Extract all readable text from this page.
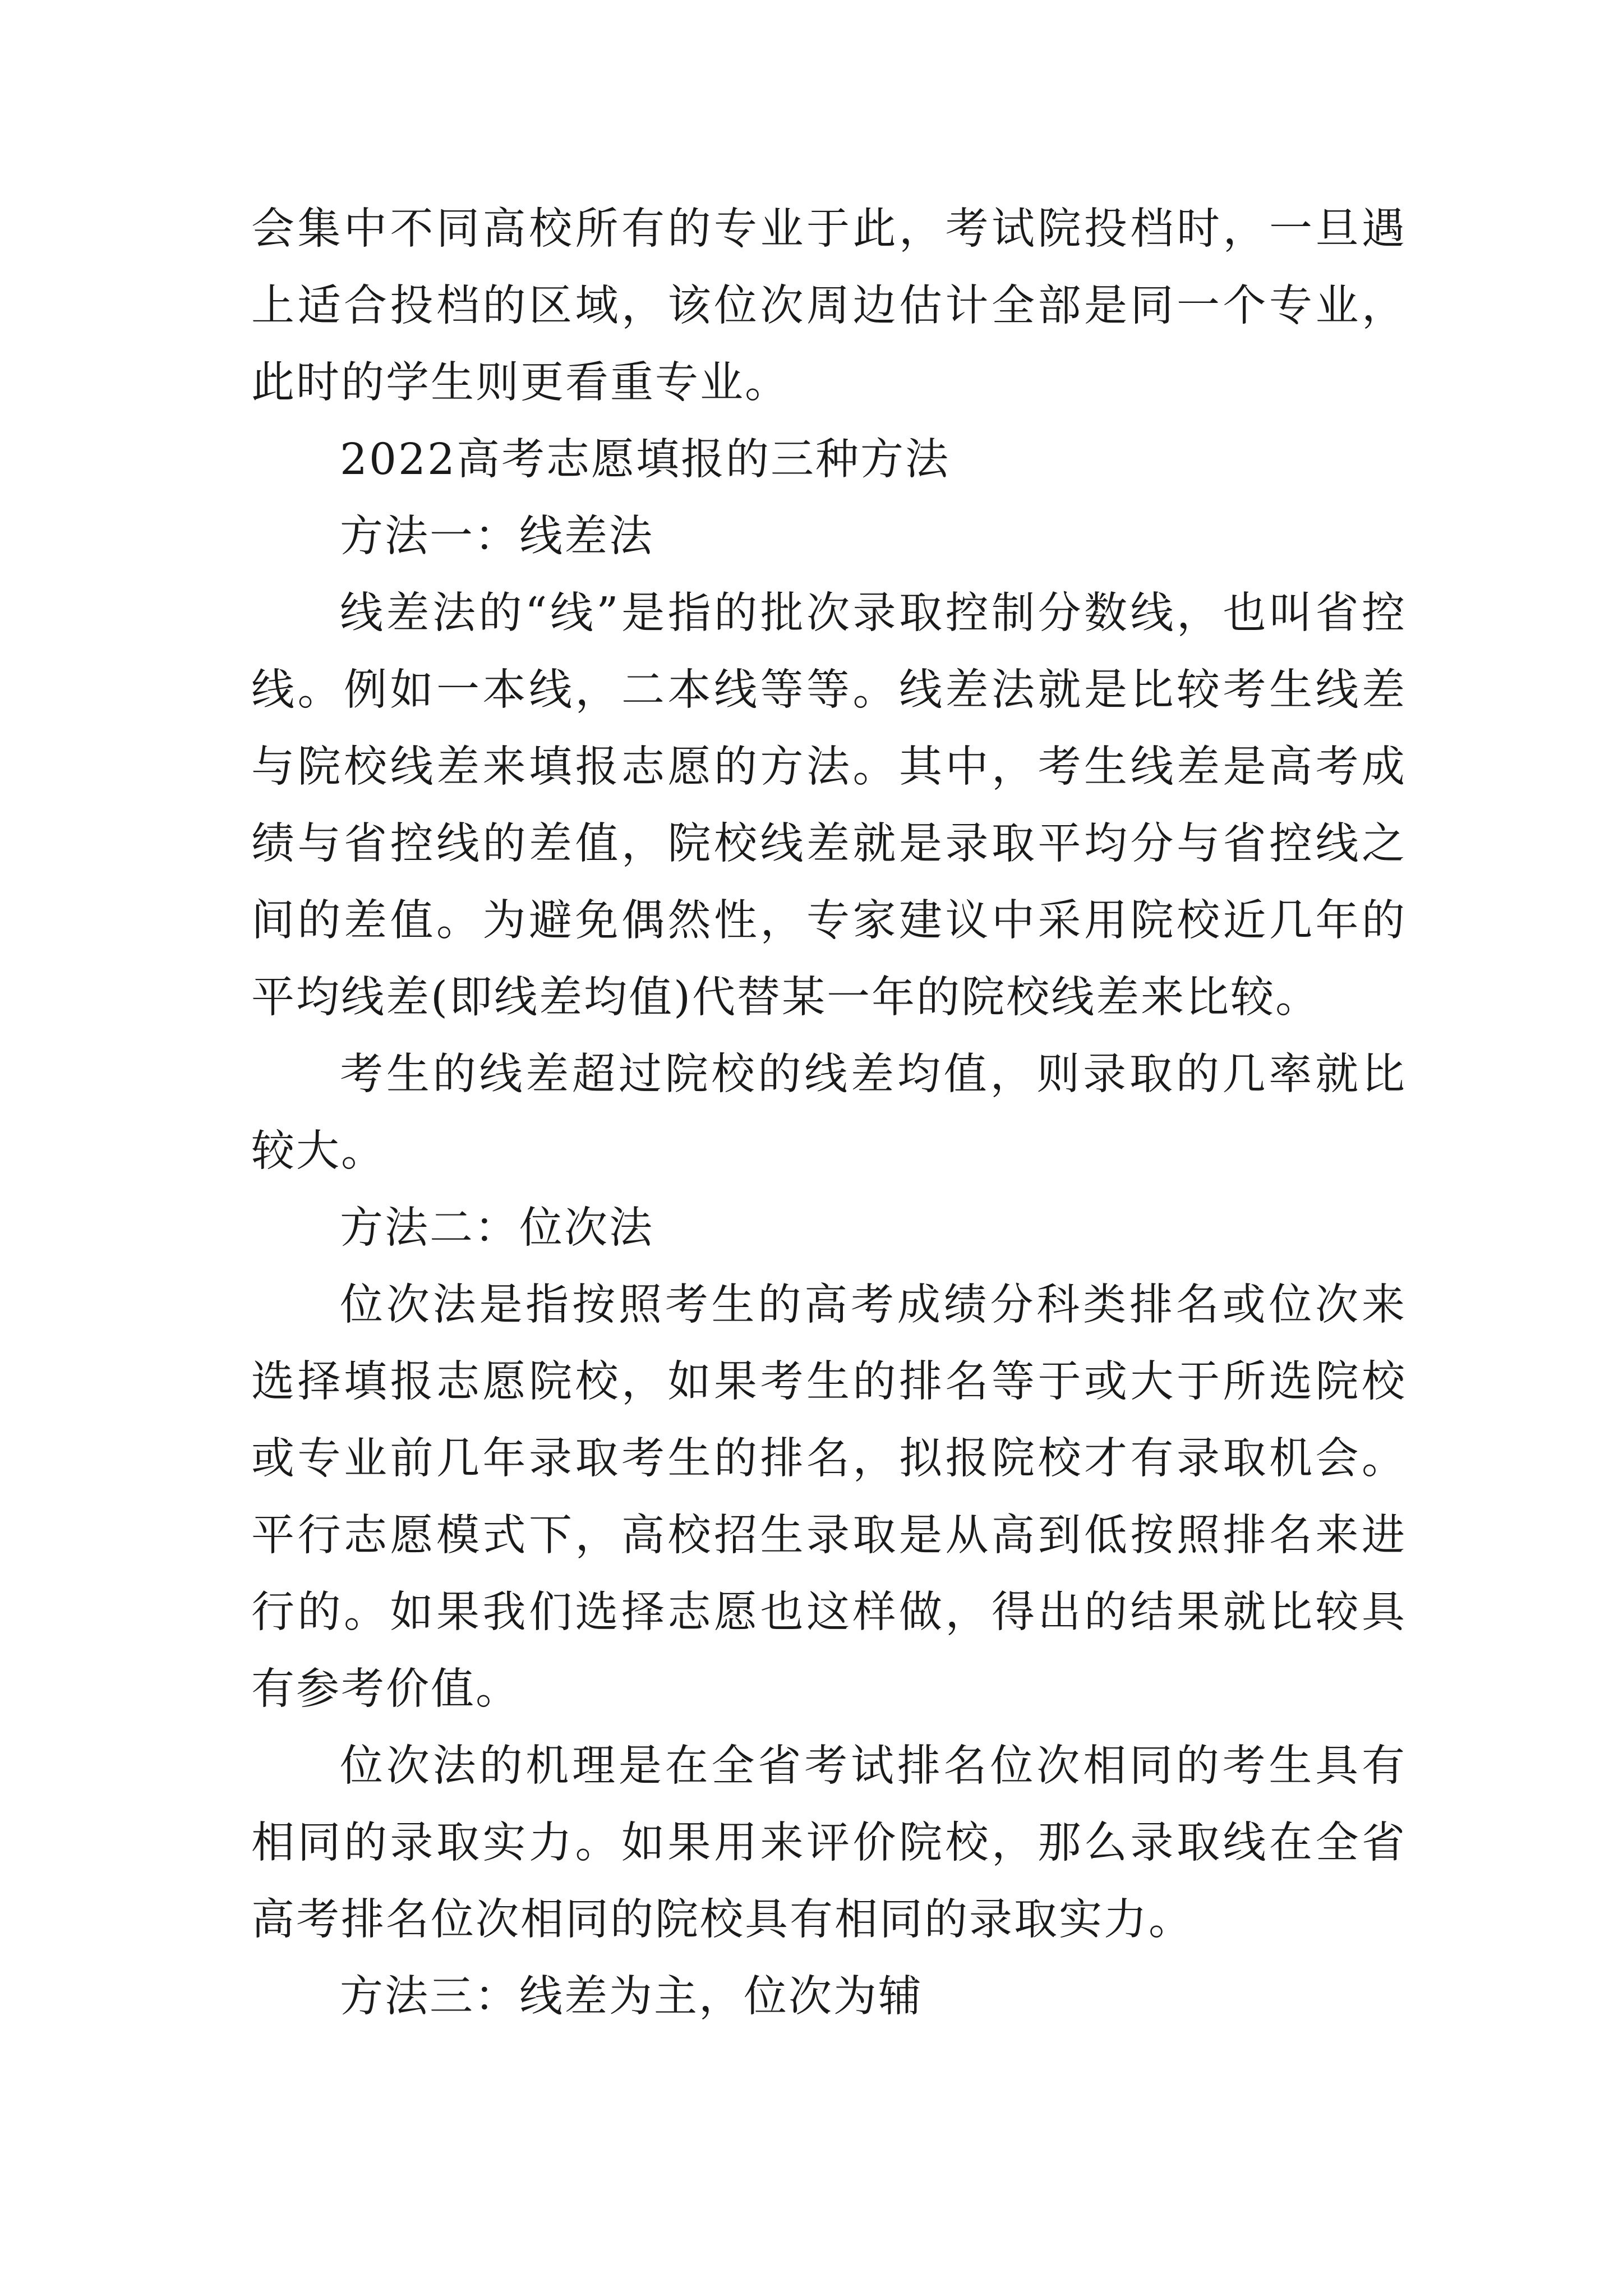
会集中不同高校所有的专业于此，考试院投档时，一旦遇上适合投档的区域，该位次周边估计全部是同一个专业，此时的学生则更看重专业。

2022高考志愿填报的三种方法

方法一：线差法

线差法的“线”是指的批次录取控制分数线，也叫省控线。例如一本线，二本线等等。线差法就是比较考生线差与院校线差来填报志愿的方法。其中，考生线差是高考成绩与省控线的差值，院校线差就是录取平均分与省控线之间的差值。为避免偶然性，专家建议中采用院校近几年的平均线差(即线差均值)代替某一年的院校线差来比较。

考生的线差超过院校的线差均值，则录取的几率就比较大。

方法二：位次法

位次法是指按照考生的高考成绩分科类排名或位次来选择填报志愿院校，如果考生的排名等于或大于所选院校或专业前几年录取考生的排名，拟报院校才有录取机会。平行志愿模式下，高校招生录取是从高到低按照排名来进行的。如果我们选择志愿也这样做，得出的结果就比较具有参考价值。

位次法的机理是在全省考试排名位次相同的考生具有相同的录取实力。如果用来评价院校，那么录取线在全省高考排名位次相同的院校具有相同的录取实力。

方法三：线差为主，位次为辅
